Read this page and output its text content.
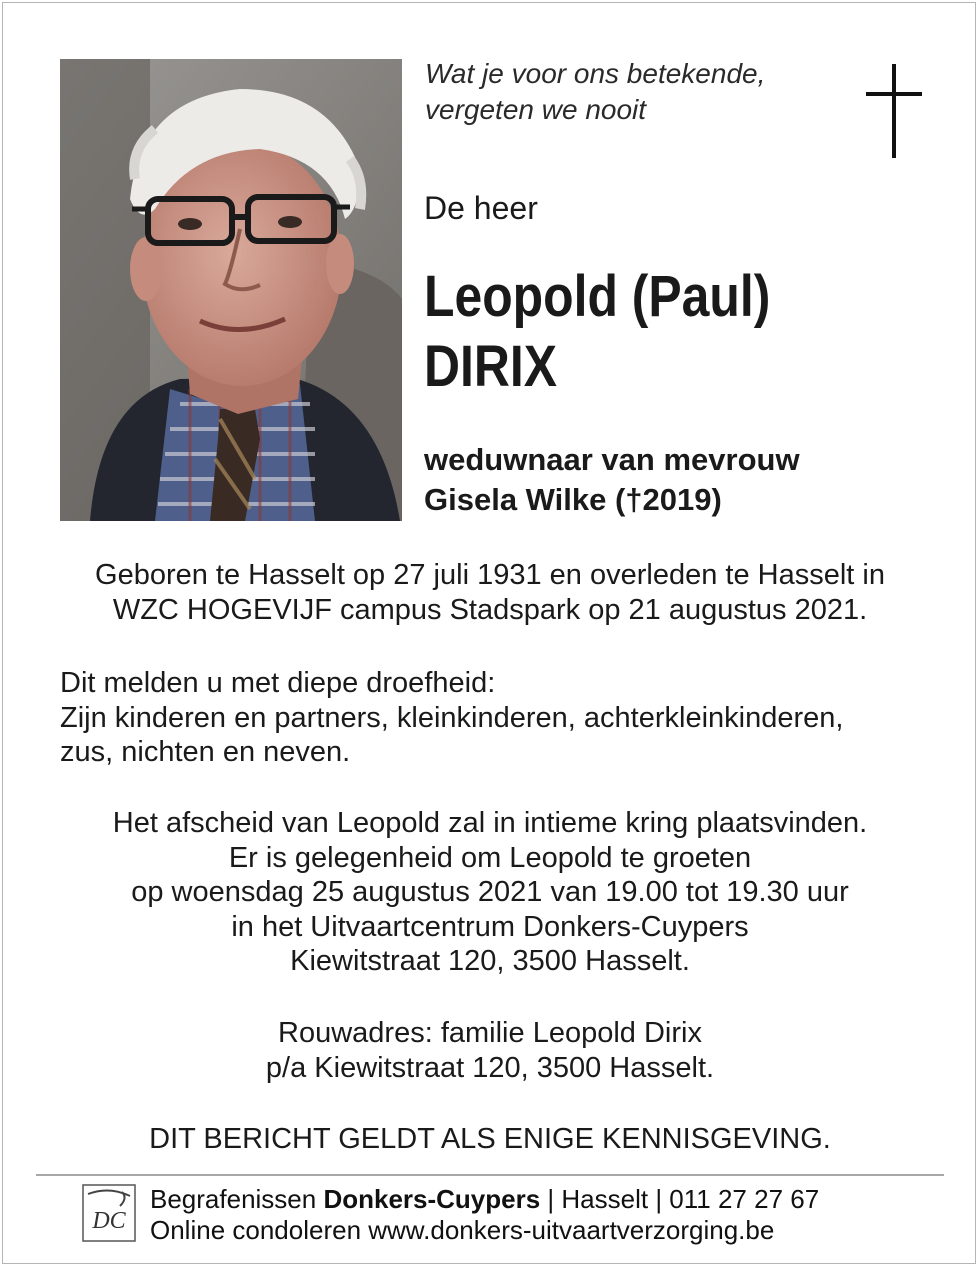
Wat je voor ons betekende,
vergeten we nooit
De heer
Leopold (Paul)
DIRIX
weduwnaar van mevrouw
Gisela Wilke (†2019)
Geboren te Hasselt op 27 juli 1931 en overleden te Hasselt in
WZC HOGEVIJF campus Stadspark op 21 augustus 2021.
Dit melden u met diepe droefheid:
Zijn kinderen en partners, kleinkinderen, achterkleinkinderen,
zus, nichten en neven.
Het afscheid van Leopold zal in intieme kring plaatsvinden.
Er is gelegenheid om Leopold te groeten
op woensdag 25 augustus 2021 van 19.00 tot 19.30 uur
in het Uitvaartcentrum Donkers-Cuypers
Kiewitstraat 120, 3500 Hasselt.
Rouwadres: familie Leopold Dirix
p/a Kiewitstraat 120, 3500 Hasselt.
DIT BERICHT GELDT ALS ENIGE KENNISGEVING.
DC
Begrafenissen Donkers-Cuypers | Hasselt | 011 27 27 67
Online condoleren www.donkers-uitvaartverzorging.be
